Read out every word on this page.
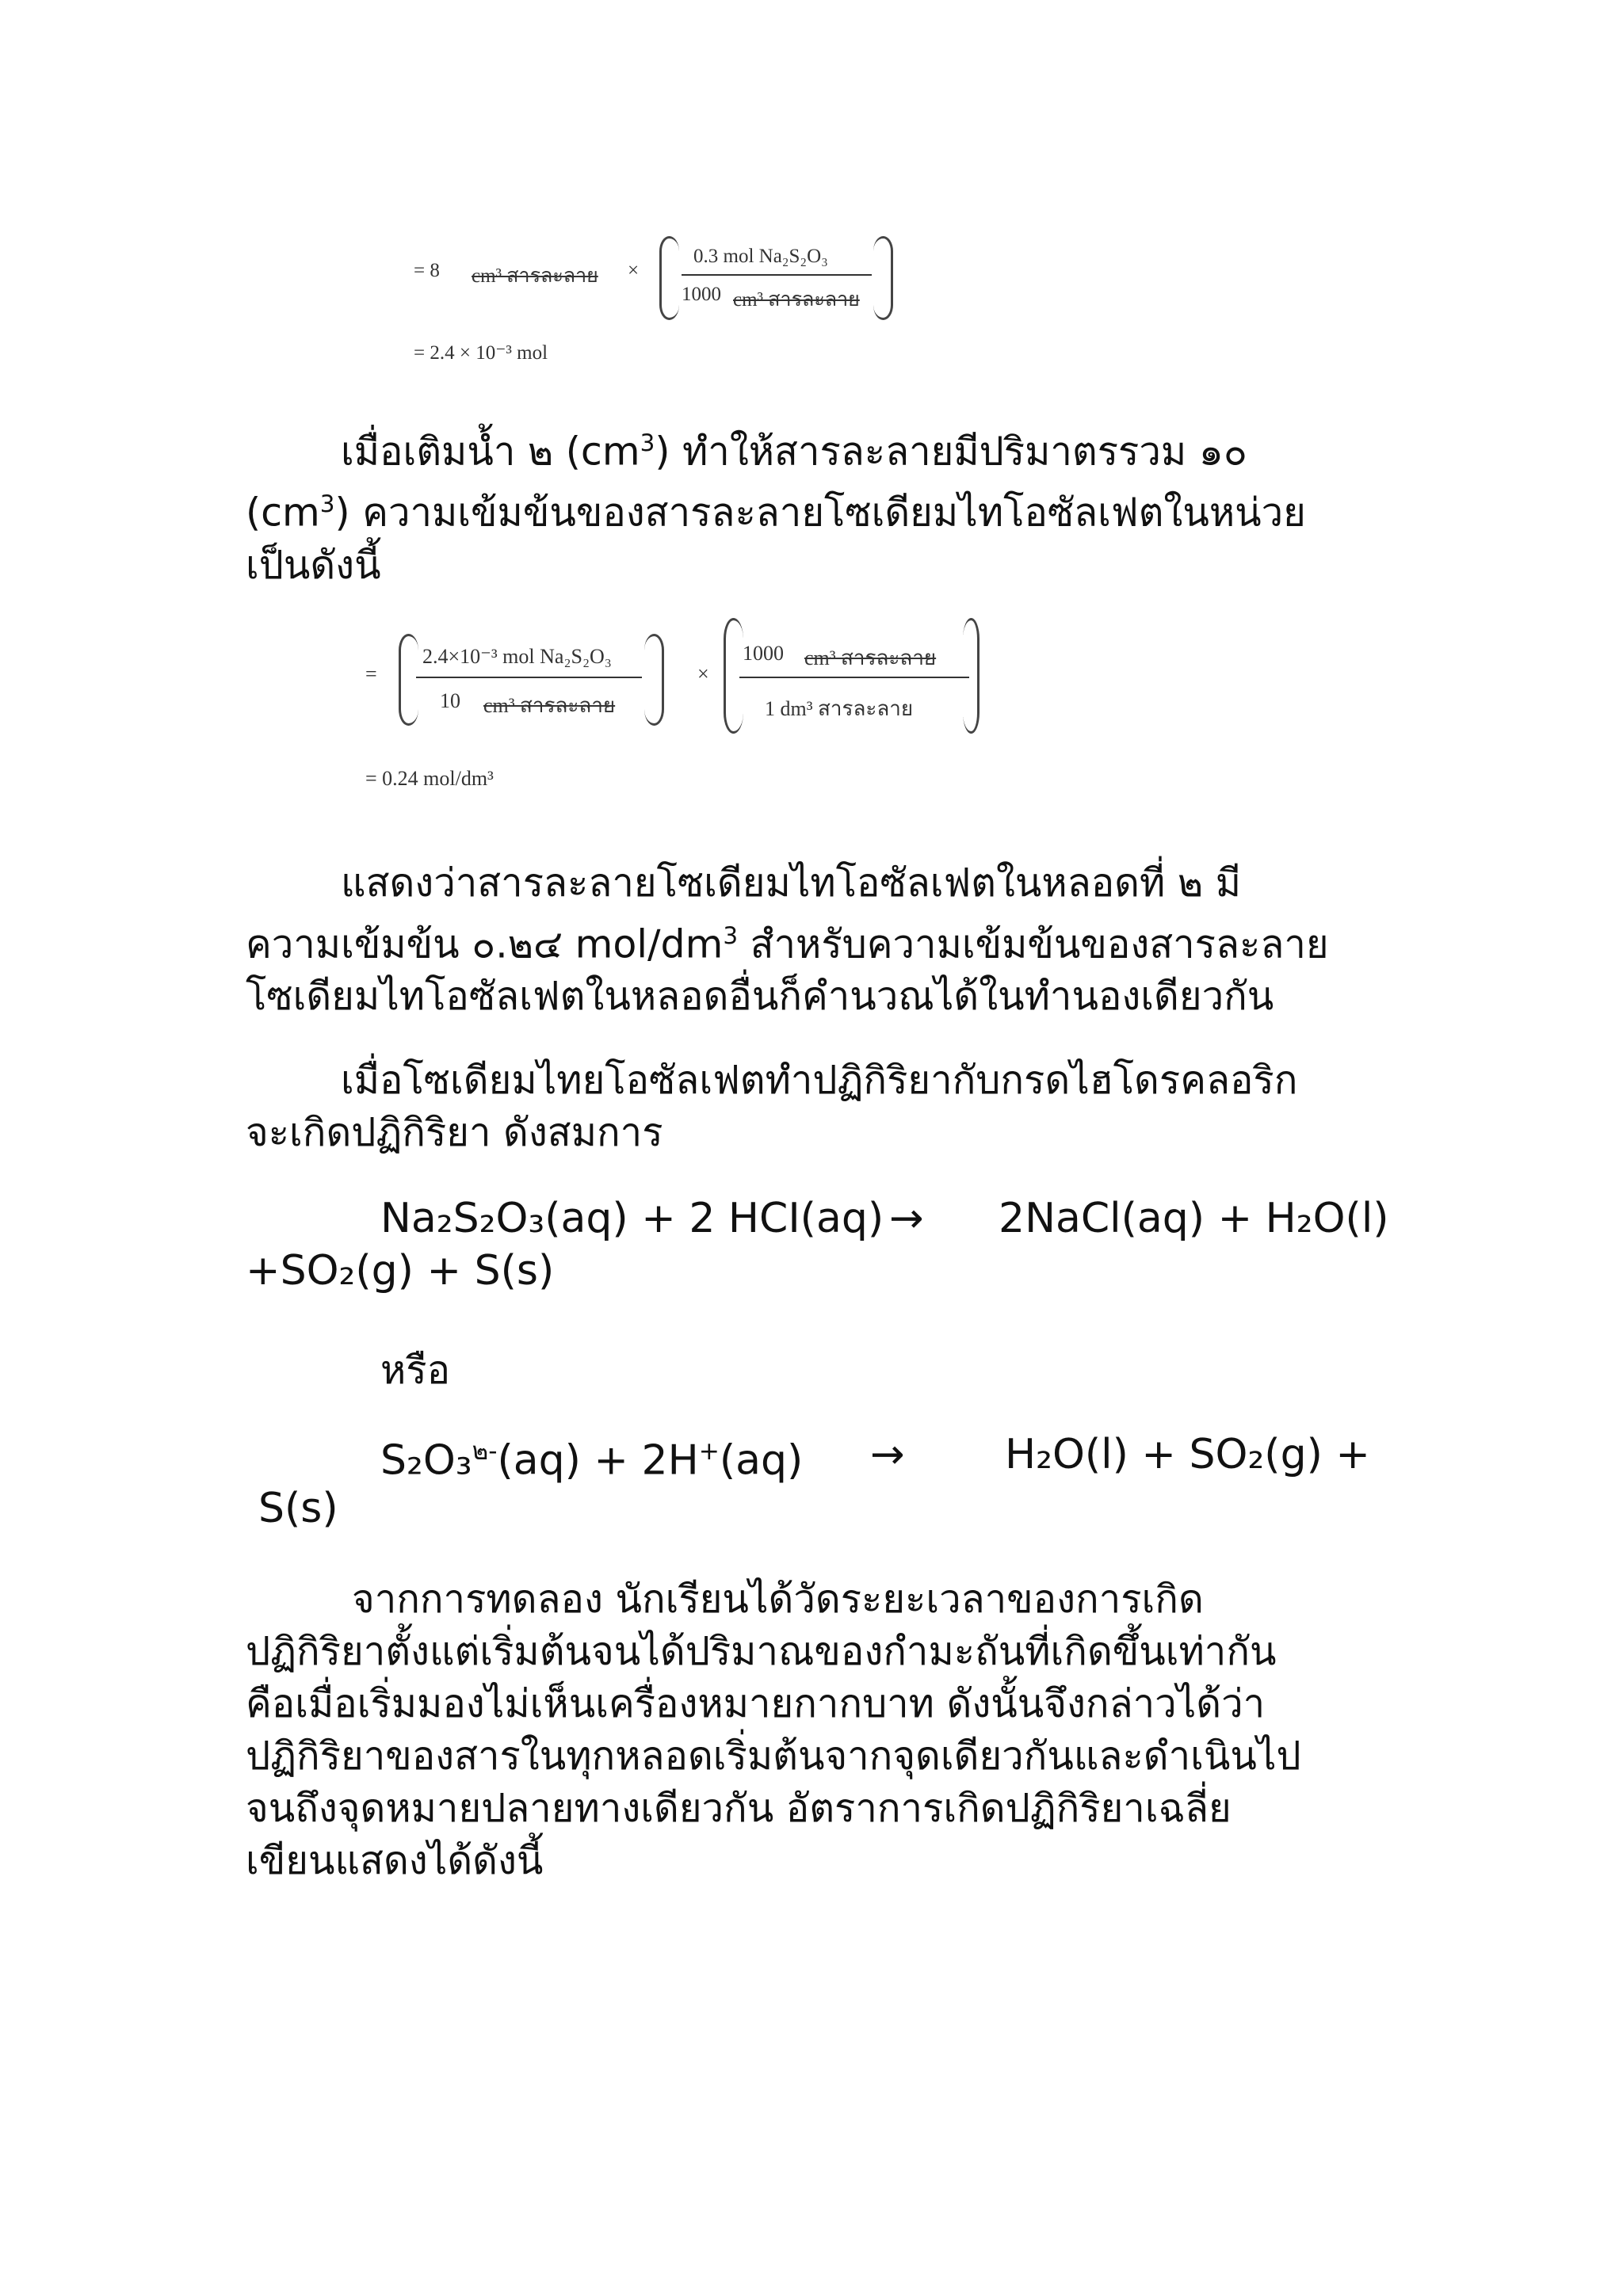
= 8 cm³ สารละลาย ×
0.3 mol Na₂S₂O₃
1000 cm³ สารละลาย
= 2.4 × 10⁻³ mol
เมื่อเติมน้ำ ๒ $(cm^3)$ ทำให้สารละลายมีปริมาตรรวม ๑๐
$(cm^3)$ ความเข้มข้นของสารละลายโซเดียมไทโอซัลเฟตในหน่วย
เป็นดังนี้
=
2.4×10⁻³ mol Na₂S₂O₃
10 cm³ สารละลาย
×
1000 cm³ สารละลาย
1 dm³ สารละลาย
= 0.24 mol/dm³
แสดงว่าสารละลายโซเดียมไทโอซัลเฟตในหลอดที่ ๒ มี
ความเข้มข้น ๐.๒๔ mol/$dm^3$ สำหรับความเข้มข้นของสารละลาย
โซเดียมไทโอซัลเฟตในหลอดอื่นก็คำนวณได้ในทำนองเดียวกัน
เมื่อโซเดียมไทยโอซัลเฟตทำปฏิกิริยากับกรดไฮโดรคลอริก
จะเกิดปฏิกิริยา ดังสมการ
Na₂S₂O₃(aq) + 2 HCI(aq) → 2NaCl(aq) + H₂O(l)
+SO₂(g) + S(s)
หรือ
S₂O₃$^{๒-}$(aq) + 2H+(aq) → H₂O(l) + SO₂(g) +
S(s)
จากการทดลอง นักเรียนได้วัดระยะเวลาของการเกิด
ปฏิกิริยาตั้งแต่เริ่มต้นจนได้ปริมาณของกำมะถันที่เกิดขึ้นเท่ากัน
คือเมื่อเริ่มมองไม่เห็นเครื่องหมายกากบาท ดังนั้นจึงกล่าวได้ว่า
ปฏิกิริยาของสารในทุกหลอดเริ่มต้นจากจุดเดียวกันและดำเนินไป
จนถึงจุดหมายปลายทางเดียวกัน อัตราการเกิดปฏิกิริยาเฉลี่ย
เขียนแสดงได้ดังนี้
